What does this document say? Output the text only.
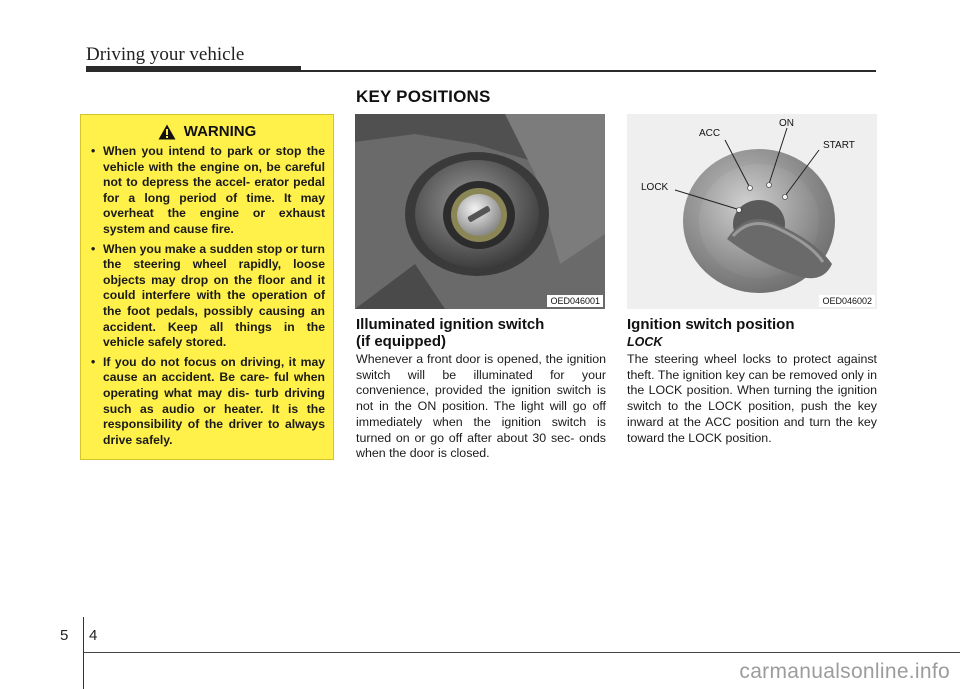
Driving your vehicle
KEY POSITIONS
WARNING
• When you intend to park or stop the vehicle with the engine on, be careful not to depress the accel- erator pedal for a long period of time. It may overheat the engine or exhaust system and cause fire.
• When you make a sudden stop or turn the steering wheel rapidly, loose objects may drop on the floor and it could interfere with the operation of the foot pedals, possibly causing an accident. Keep all things in the vehicle safely stored.
• If you do not focus on driving, it may cause an accident. Be care- ful when operating what may dis- turb driving such as audio or heater. It is the responsibility of the driver to always drive safely.
OED046001
ON
ACC
START
LOCK
OED046002
Illuminated ignition switch
(if equipped)
Whenever a front door is opened, the ignition switch will be illuminated for your convenience, provided the ignition switch is not in the ON position. The light will go off immediately when the ignition switch is turned on or go off after about 30 sec- onds when the door is closed.
Ignition switch position
LOCK
The steering wheel locks to protect against theft. The ignition key can be removed only in the LOCK position. When turning the ignition switch to the LOCK position, push the key inward at the ACC position and turn the key toward the LOCK position.
5 4
carmanualsonline.info
